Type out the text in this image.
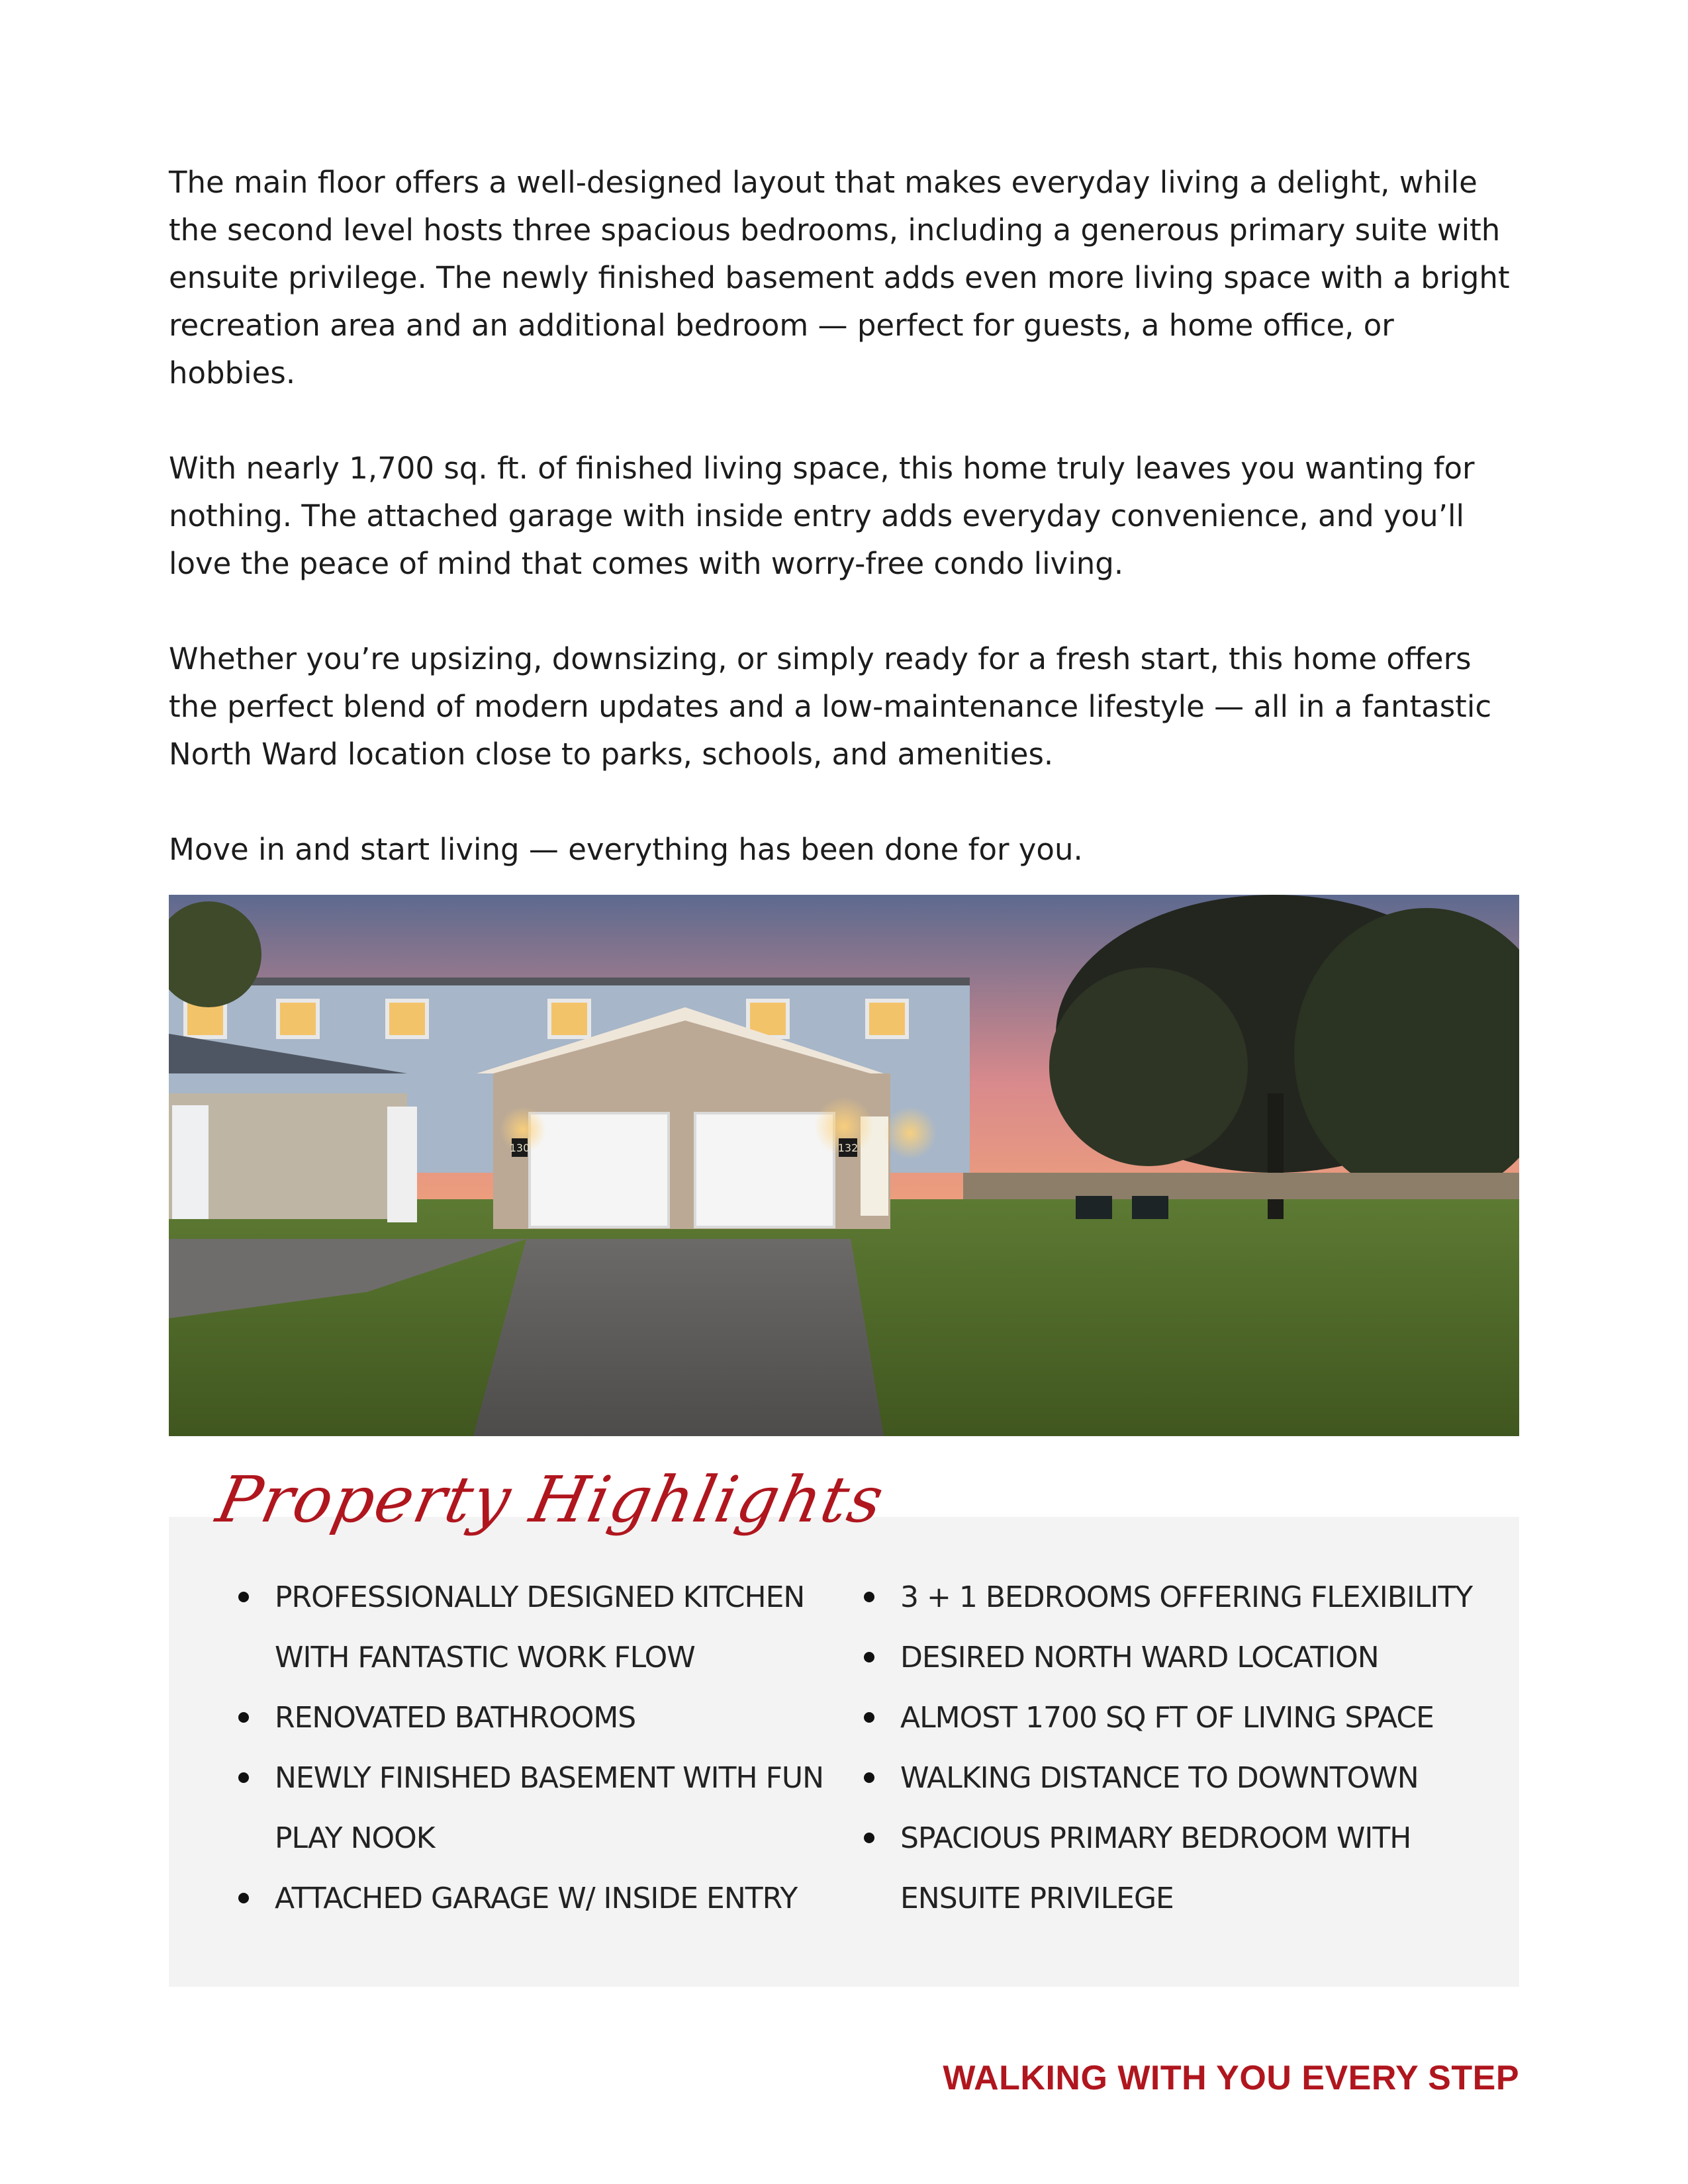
The main floor offers a well-designed layout that makes everyday living a delight, while the second level hosts three spacious bedrooms, including a generous primary suite with ensuite privilege. The newly finished basement adds even more living space with a bright recreation area and an additional bedroom — perfect for guests, a home office, or hobbies.

With nearly 1,700 sq. ft. of finished living space, this home truly leaves you wanting for nothing. The attached garage with inside entry adds everyday convenience, and you’ll love the peace of mind that comes with worry-free condo living.

Whether you’re upsizing, downsizing, or simply ready for a fresh start, this home offers the perfect blend of modern updates and a low-maintenance lifestyle — all in a fantastic North Ward location close to parks, schools, and amenities.

Move in and start living — everything has been done for you.

130	132
Property Highlights
PROFESSIONALLY DESIGNED KITCHEN WITH FANTASTIC WORK FLOW
RENOVATED BATHROOMS
NEWLY FINISHED BASEMENT WITH FUN PLAY NOOK
ATTACHED GARAGE W/ INSIDE ENTRY
3 + 1 BEDROOMS OFFERING FLEXIBILITY
DESIRED NORTH WARD LOCATION
ALMOST 1700 SQ FT OF LIVING SPACE
WALKING DISTANCE TO DOWNTOWN
SPACIOUS PRIMARY BEDROOM WITH ENSUITE PRIVILEGE
WALKING WITH YOU EVERY STEP
